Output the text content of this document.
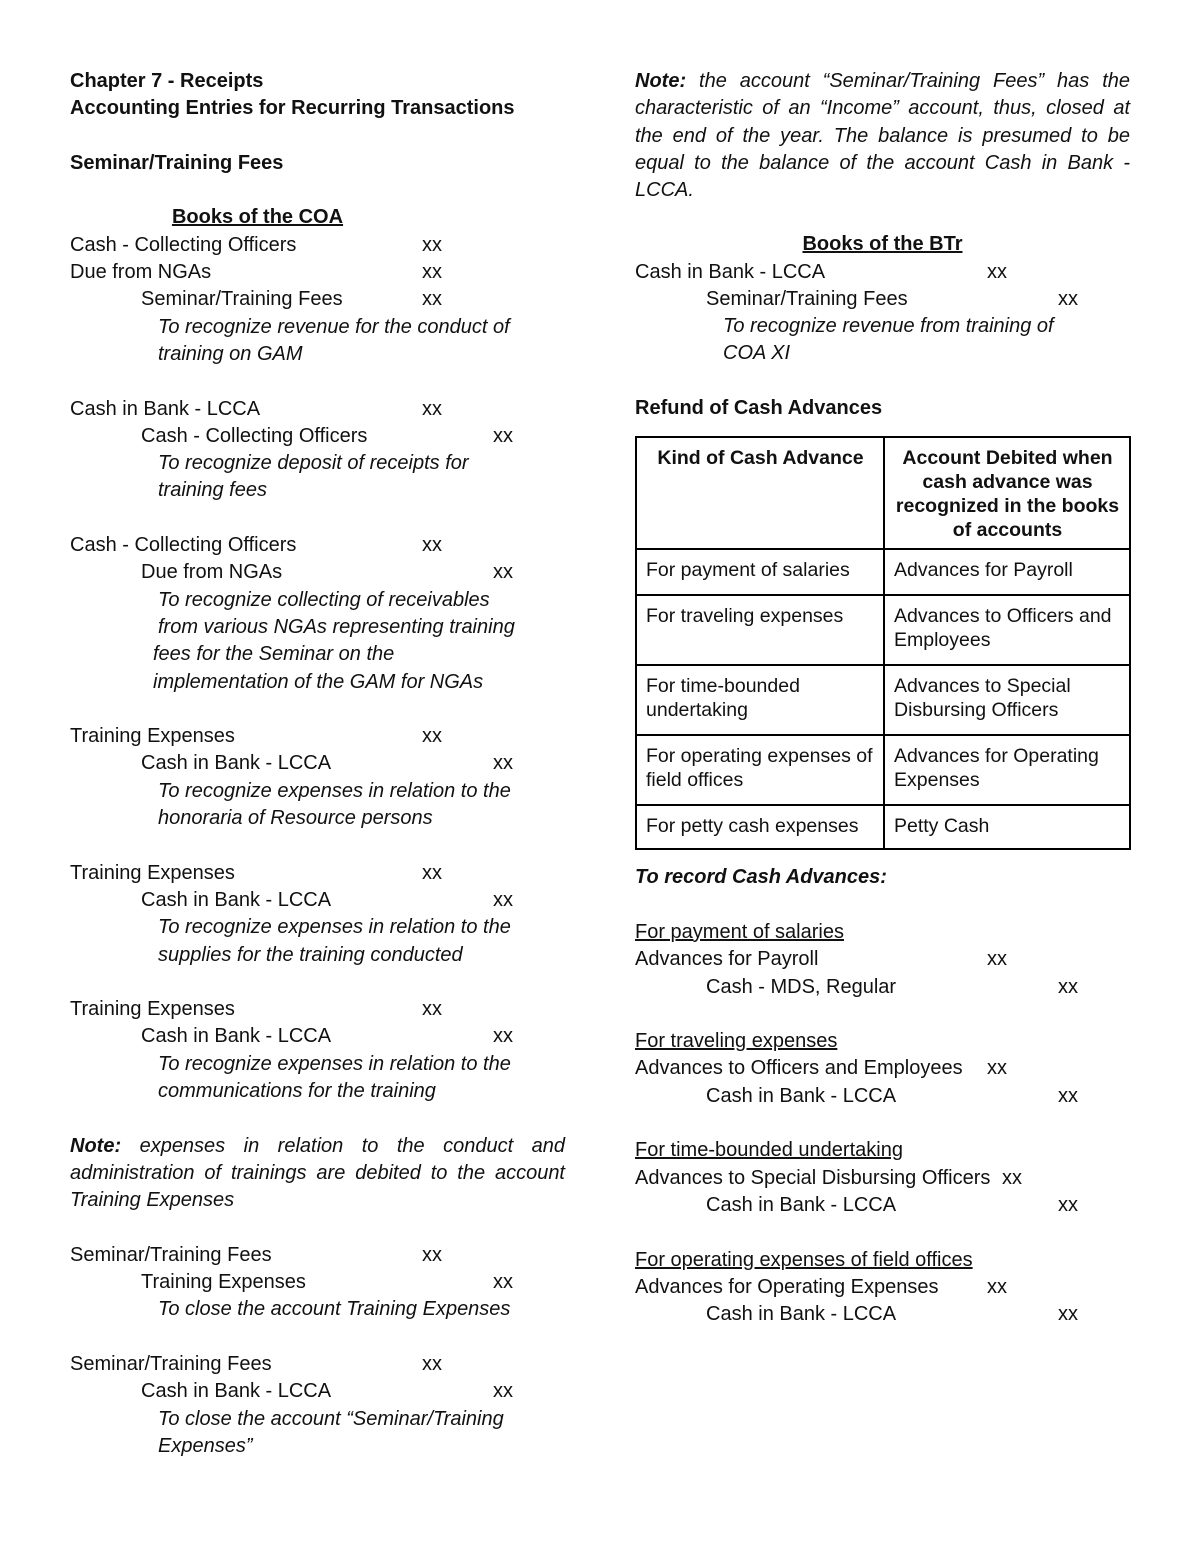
Chapter 7 - Receipts
Accounting Entries for Recurring Transactions
Seminar/Training Fees
Books of the COA
Cash - Collecting Officers	xx
Due from NGAs	xx
Seminar/Training Fees	xx
To recognize revenue for the conduct of
training on GAM
Cash in Bank - LCCA	xx
Cash - Collecting Officers	xx
To recognize deposit of receipts for
training fees
Cash - Collecting Officers	xx
Due from NGAs	xx
To recognize collecting of receivables
from various NGAs representing training
fees for the Seminar on the
implementation of the GAM for NGAs
Training Expenses	xx
Cash in Bank - LCCA	xx
To recognize expenses in relation to the
honoraria of Resource persons
Training Expenses	xx
Cash in Bank - LCCA	xx
To recognize expenses in relation to the
supplies for the training conducted
Training Expenses	xx
Cash in Bank - LCCA	xx
To recognize expenses in relation to the
communications for the training
Note: expenses in relation to the conduct and administration of trainings are debited to the account Training Expenses
Seminar/Training Fees	xx
Training Expenses	xx
To close the account Training Expenses
Seminar/Training Fees	xx
Cash in Bank - LCCA	xx
To close the account “Seminar/Training
Expenses”
Note: the account “Seminar/Training Fees” has the characteristic of an “Income” account, thus, closed at the end of the year. The balance is presumed to be equal to the balance of the account Cash in Bank - LCCA.
Books of the BTr
Cash in Bank - LCCA	xx
Seminar/Training Fees	xx
To recognize revenue from training of
COA XI
Refund of Cash Advances
Kind of Cash Advance	Account Debited when cash advance was recognized in the books of accounts
For payment of salaries	Advances for Payroll
For traveling expenses	Advances to Officers and Employees
For time-bounded undertaking	Advances to Special Disbursing Officers
For operating expenses of field offices	Advances for Operating Expenses
For petty cash expenses	Petty Cash
To record Cash Advances:
For payment of salaries
Advances for Payroll	xx
Cash - MDS, Regular	xx
For traveling expenses
Advances to Officers and Employees xx
Cash in Bank - LCCA	xx
For time-bounded undertaking
Advances to Special Disbursing Officers xx
Cash in Bank - LCCA	xx
For operating expenses of field offices
Advances for Operating Expenses xx
Cash in Bank - LCCA	xx
